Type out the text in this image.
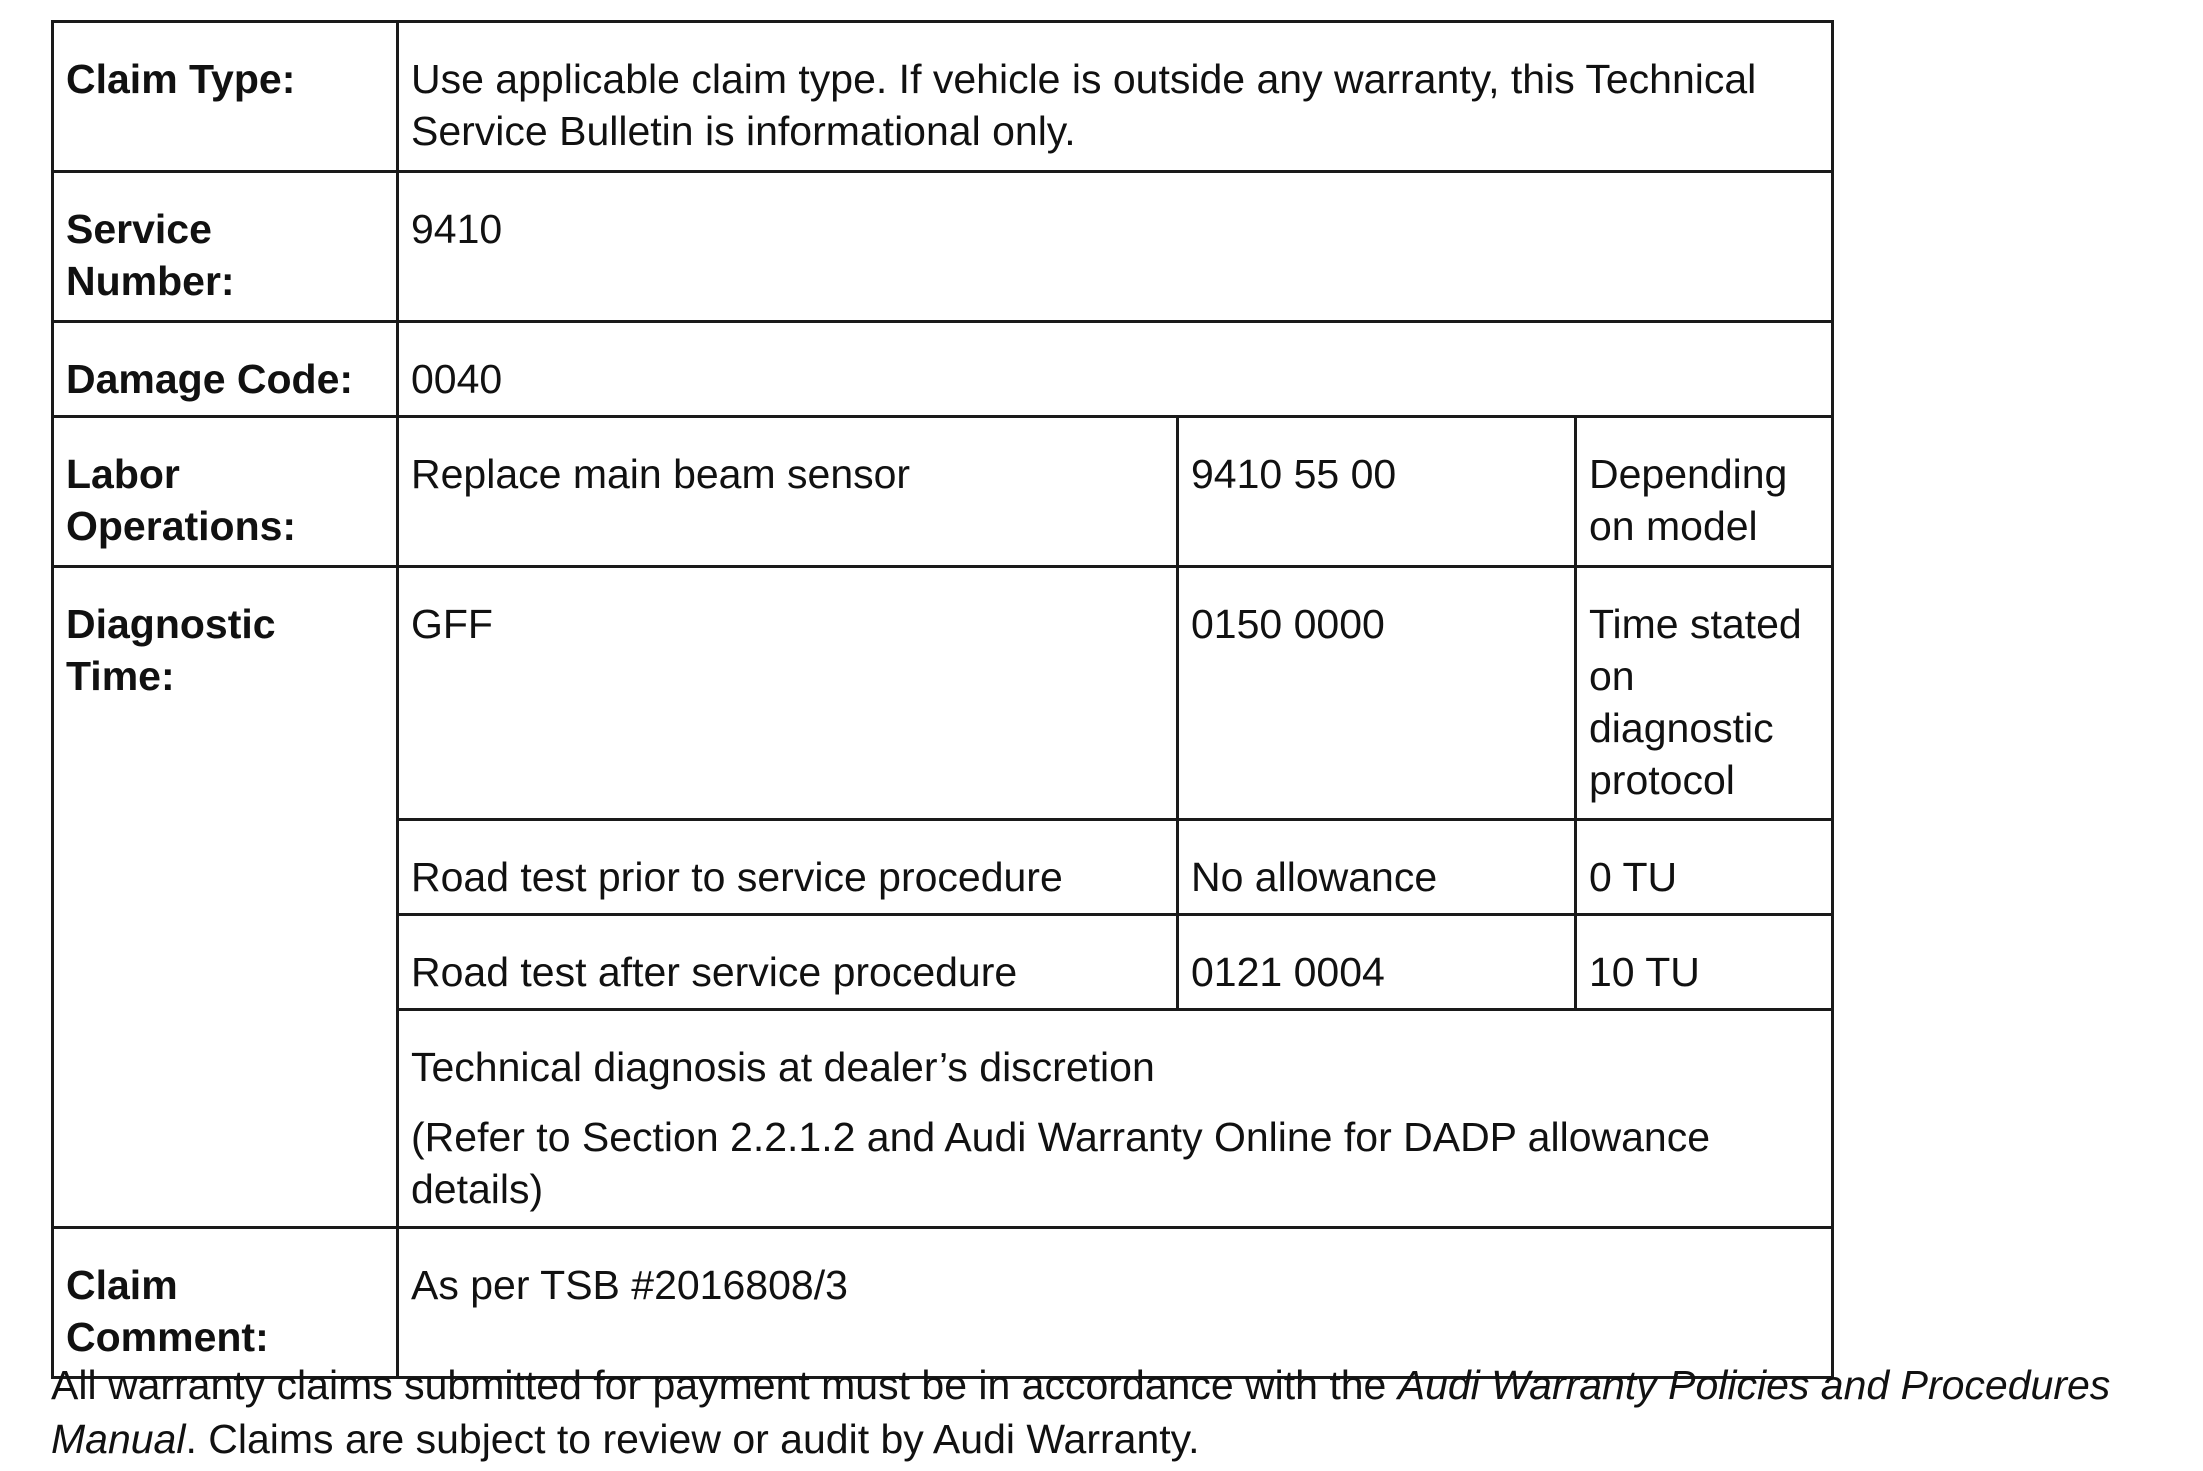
Claim Type:	Use applicable claim type. If vehicle is outside any warranty, this Technical Service Bulletin is informational only.		
Service Number:	9410		
Damage Code:	0040		
Labor Operations:	Replace main beam sensor	9410 55 00	Depending on model
Diagnostic Time:	GFF	0150 0000	Time stated on diagnostic protocol
	Road test prior to service procedure	No allowance	0 TU
	Road test after service procedure	0121 0004	10 TU

	Technical diagnosis at dealer’s discretion
(Refer to Section 2.2.1.2 and Audi Warranty Online for DADP allowance details)		

Claim Comment:	As per TSB #2016808/3		
All warranty claims submitted for payment must be in accordance with the Audi Warranty Policies and Procedures Manual. Claims are subject to review or audit by Audi Warranty.
